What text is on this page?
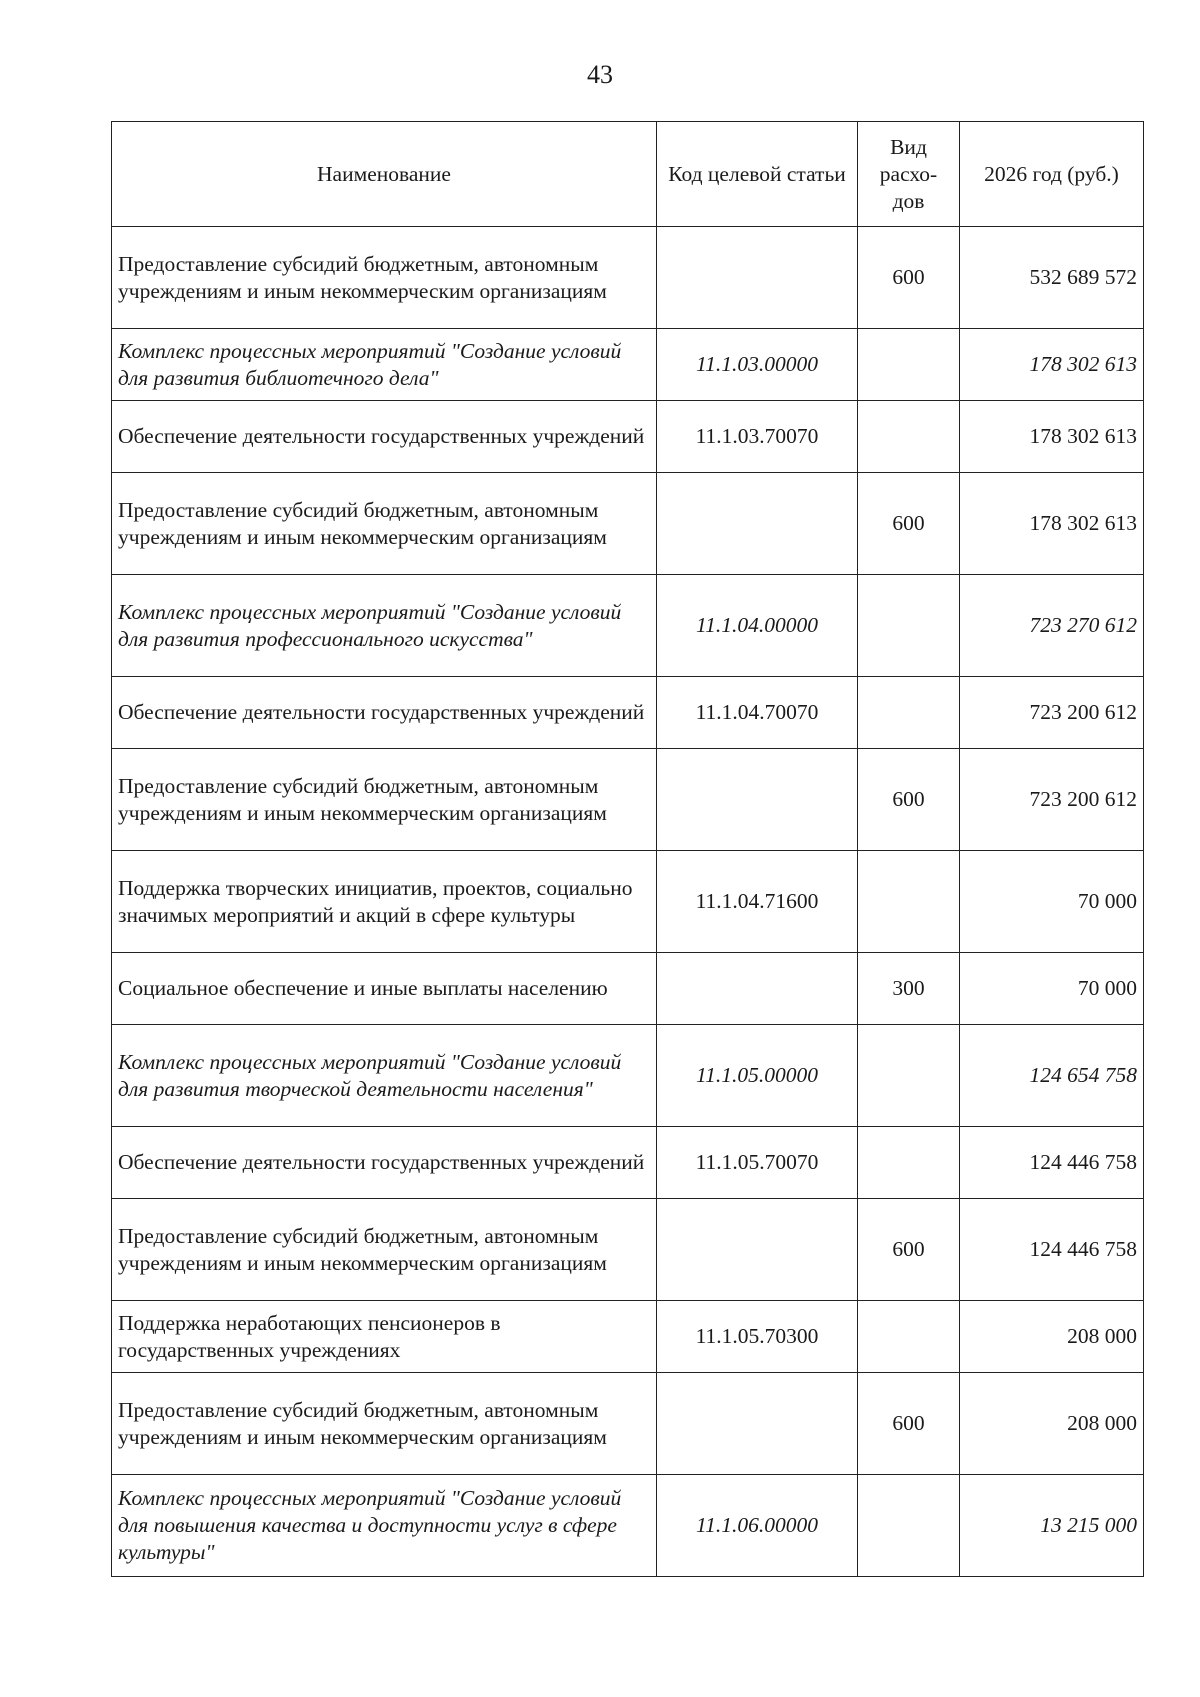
43
Наименование	Код целевой статьи	Вид расхо-дов	2026 год (руб.)
Предоставление субсидий бюджетным, автономным учреждениям и иным некоммерческим организациям		600	532 689 572
Комплекс процессных мероприятий "Создание условий для развития библиотечного дела"	11.1.03.00000		178 302 613
Обеспечение деятельности государственных учреждений	11.1.03.70070		178 302 613
Предоставление субсидий бюджетным, автономным учреждениям и иным некоммерческим организациям		600	178 302 613
Комплекс процессных мероприятий "Создание условий для развития профессионального искусства"	11.1.04.00000		723 270 612
Обеспечение деятельности государственных учреждений	11.1.04.70070		723 200 612
Предоставление субсидий бюджетным, автономным учреждениям и иным некоммерческим организациям		600	723 200 612
Поддержка творческих инициатив, проектов, социально значимых мероприятий и акций в сфере культуры	11.1.04.71600		70 000
Социальное обеспечение и иные выплаты населению		300	70 000
Комплекс процессных мероприятий "Создание условий для развития творческой деятельности населения"	11.1.05.00000		124 654 758
Обеспечение деятельности государственных учреждений	11.1.05.70070		124 446 758
Предоставление субсидий бюджетным, автономным учреждениям и иным некоммерческим организациям		600	124 446 758
Поддержка неработающих пенсионеров в государственных учреждениях	11.1.05.70300		208 000
Предоставление субсидий бюджетным, автономным учреждениям и иным некоммерческим организациям		600	208 000
Комплекс процессных мероприятий "Создание условий для повышения качества и доступности услуг в сфере культуры"	11.1.06.00000		13 215 000
